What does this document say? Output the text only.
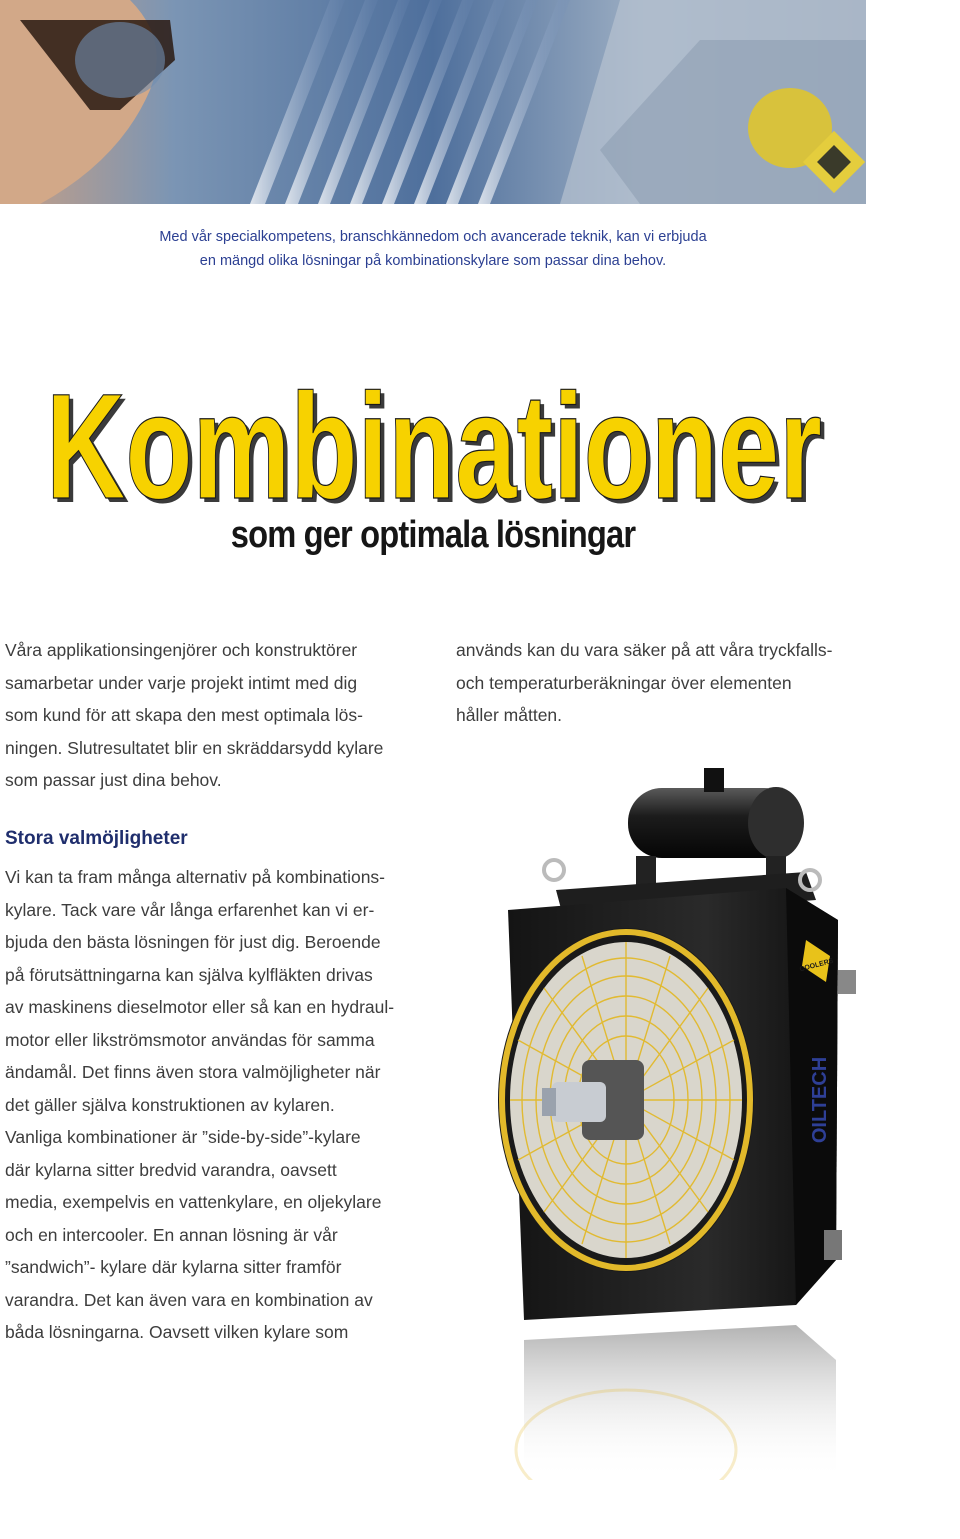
Med vår specialkompetens, branschkännedom och avancerade teknik, kan vi erbjuda

en mängd olika lösningar på kombinationskylare som passar dina behov.

Kombinationer
Kombinationer
som ger optimala lösningar

Våra applikationsingenjörer och konstruktörer

samarbetar under varje projekt intimt med dig

som kund för att skapa den mest optimala lös-

ningen. Slutresultatet blir en skräddarsydd kylare

som passar just dina behov.

används kan du vara säker på att våra tryckfalls-

och temperaturberäkningar över elementen

håller måtten.

Stora valmöjligheter

Vi kan ta fram många alternativ på kombinations-

kylare. Tack vare vår långa erfarenhet kan vi er-

bjuda den bästa lösningen för just dig. Beroende

på förutsättningarna kan själva kylfläkten drivas

av maskinens dieselmotor eller så kan en hydraul-

motor eller likströmsmotor användas för samma

ändamål. Det finns även stora valmöjligheter när

det gäller själva konstruktionen av kylaren.

Vanliga kombinationer är ”side-by-side”-kylare

där kylarna sitter bredvid varandra, oavsett

media, exempelvis en vattenkylare, en oljekylare

och en intercooler. En annan lösning är vår

”sandwich”- kylare där kylarna sitter framför

varandra. Det kan även vara en kombination av

båda lösningarna. Oavsett vilken kylare som

COOLERS
OILTECH
